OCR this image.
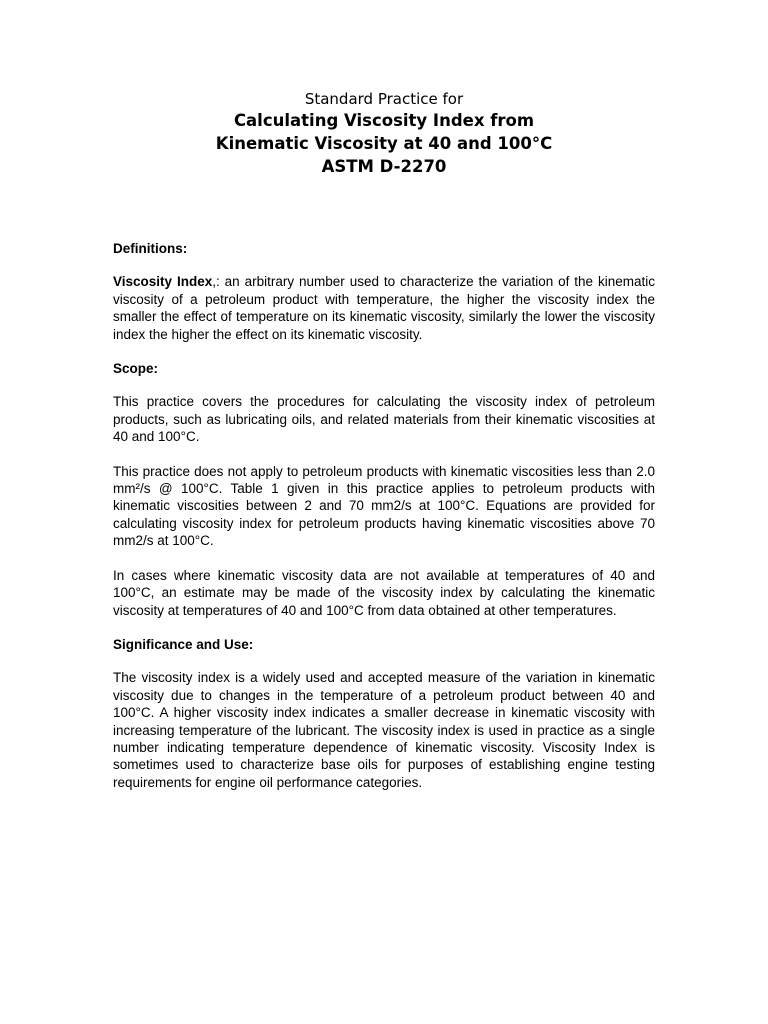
Standard Practice for
Calculating Viscosity Index from
Kinematic Viscosity at 40 and 100°C
ASTM D-2270

Definitions:

Viscosity Index,: an arbitrary number used to characterize the variation of the kinematic viscosity of a petroleum product with temperature, the higher the viscosity index the smaller the effect of temperature on its kinematic viscosity, similarly the lower the viscosity index the higher the effect on its kinematic viscosity.

Scope:

This practice covers the procedures for calculating the viscosity index of petroleum products, such as lubricating oils, and related materials from their kinematic viscosities at 40 and 100°C.

This practice does not apply to petroleum products with kinematic viscosities less than 2.0 mm²/s @ 100°C. Table 1 given in this practice applies to petroleum products with kinematic viscosities between 2 and 70 mm2/s at 100°C. Equations are provided for calculating viscosity index for petroleum products having kinematic viscosities above 70 mm2/s at 100°C.

In cases where kinematic viscosity data are not available at temperatures of 40 and 100°C, an estimate may be made of the viscosity index by calculating the kinematic viscosity at temperatures of 40 and 100°C from data obtained at other temperatures.

Significance and Use:

The viscosity index is a widely used and accepted measure of the variation in kinematic viscosity due to changes in the temperature of a petroleum product between 40 and 100°C. A higher viscosity index indicates a smaller decrease in kinematic viscosity with increasing temperature of the lubricant. The viscosity index is used in practice as a single number indicating temperature dependence of kinematic viscosity. Viscosity Index is sometimes used to characterize base oils for purposes of establishing engine testing requirements for engine oil performance categories.
